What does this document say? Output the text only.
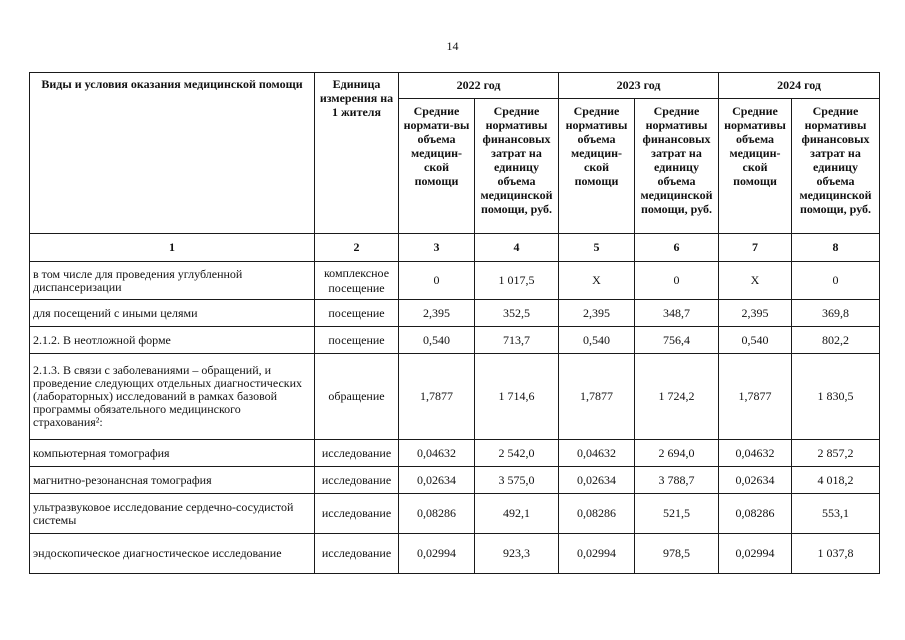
14
Виды и условия оказания медицинской помощи	Единица измерения на 1 жителя	2022 год		2023 год		2024 год	
		Средние нормати-вы объема медицин-ской помощи	Средние нормативы финансовых затрат на единицу объема медицинской помощи, руб.	Средние нормативы объема медицин-ской помощи	Средние нормативы финансовых затрат на единицу объема медицинской помощи, руб.	Средние нормативы объема медицин-ской помощи	Средние нормативы финансовых затрат на единицу объема медицинской помощи, руб.
1	2	3	4	5	6	7	8
в том числе для проведения углубленной диспансеризации	комплексное посещение	0	1 017,5	X	0	X	0
для посещений с иными целями	посещение	2,395	352,5	2,395	348,7	2,395	369,8
2.1.2. В неотложной форме	посещение	0,540	713,7	0,540	756,4	0,540	802,2
2.1.3. В связи с заболеваниями – обращений, и проведение следующих отдельных диагностических (лабораторных) исследований в рамках базовой программы обязательного медицинского страхования²:	обращение	1,7877	1 714,6	1,7877	1 724,2	1,7877	1 830,5
компьютерная томография	исследование	0,04632	2 542,0	0,04632	2 694,0	0,04632	2 857,2
магнитно-резонансная томография	исследование	0,02634	3 575,0	0,02634	3 788,7	0,02634	4 018,2
ультразвуковое исследование сердечно-сосудистой системы	исследование	0,08286	492,1	0,08286	521,5	0,08286	553,1
эндоскопическое диагностическое исследование	исследование	0,02994	923,3	0,02994	978,5	0,02994	1 037,8
